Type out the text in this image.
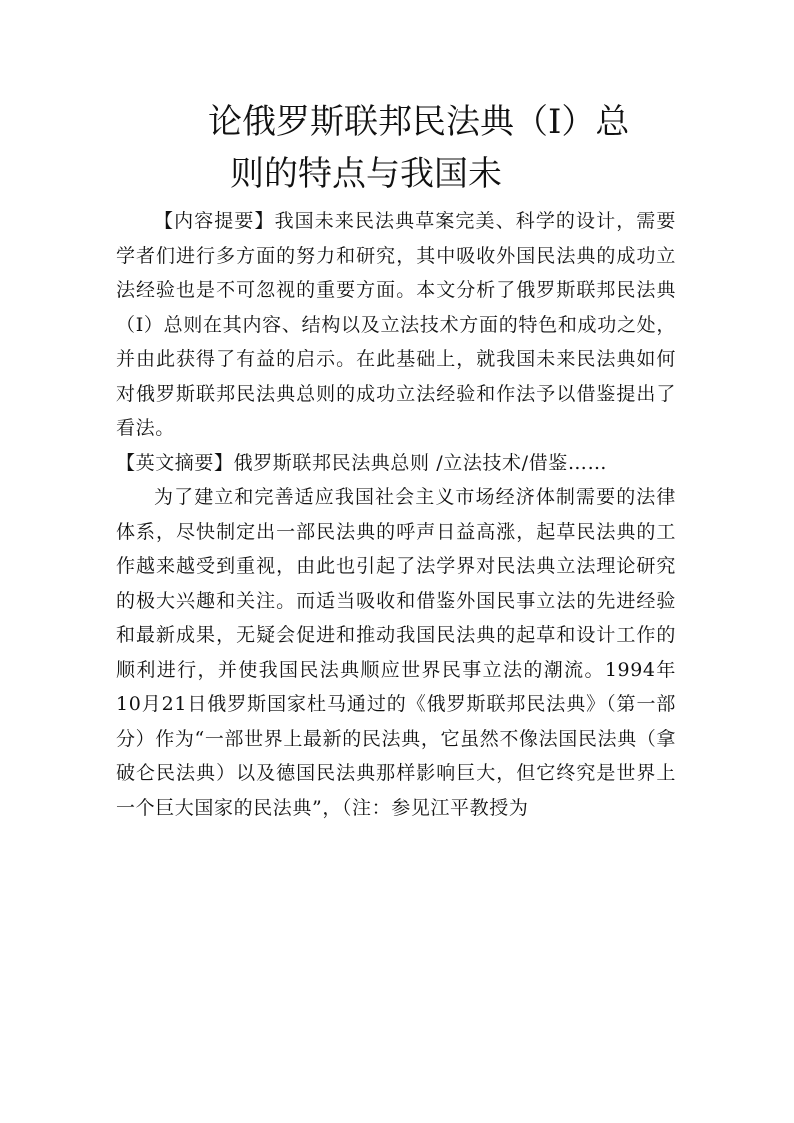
论俄罗斯联邦民法典（Ⅰ）总
则的特点与我国未

【内容提要】我国未来民法典草案完美、科学的设计，需要学者们进行多方面的努力和研究，其中吸收外国民法典的成功立法经验也是不可忽视的重要方面。本文分析了俄罗斯联邦民法典（Ⅰ）总则在其内容、结构以及立法技术方面的特色和成功之处，并由此获得了有益的启示。在此基础上，就我国未来民法典如何对俄罗斯联邦民法典总则的成功立法经验和作法予以借鉴提出了看法。

【英文摘要】俄罗斯联邦民法典总则 /立法技术/借鉴……

为了建立和完善适应我国社会主义市场经济体制需要的法律体系，尽快制定出一部民法典的呼声日益高涨，起草民法典的工作越来越受到重视，由此也引起了法学界对民法典立法理论研究的极大兴趣和关注。而适当吸收和借鉴外国民事立法的先进经验和最新成果，无疑会促进和推动我国民法典的起草和设计工作的顺利进行，并使我国民法典顺应世界民事立法的潮流。1994年10月21日俄罗斯国家杜马通过的《俄罗斯联邦民法典》（第一部分）作为“一部世界上最新的民法典，它虽然不像法国民法典（拿破仑民法典）以及德国民法典那样影响巨大，但它终究是世界上一个巨大国家的民法典”，（注：参见江平教授为
